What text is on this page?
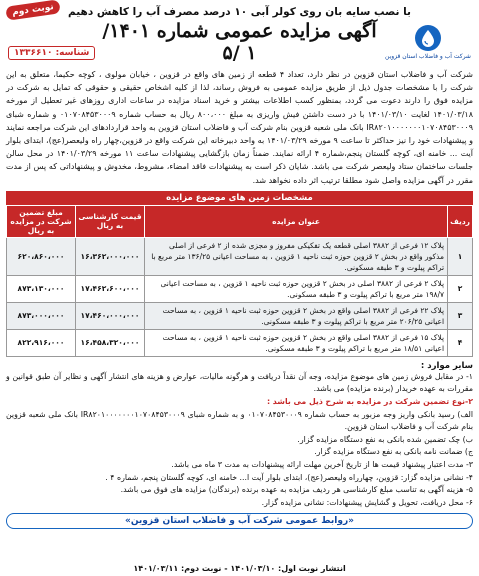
نوبت دوم	با نصب سایه بان روی کولر آبی ۱۰ درصد مصرف آب را کاهش دهیم
شرکت آب و فاضلاب استان قزوین
آگهی مزایده عمومی شماره ۱۴۰۱/ ۱ /۵
شناسه: ۱۳۳۶۶۱۰
شرکت آب و فاضلاب استان قزوین در نظر دارد، تعداد ۴ قطعه از زمین های واقع در قزوین ، خیابان مولوی ، کوچه حکیما، متعلق به این شرکت را با مشخصات جدول ذیل از طریق مزایده عمومی به فروش رساند، لذا از کلیه اشخاص حقیقی و حقوقی که تمایل به شرکت در مزایده فوق را دارند دعوت می گردد، بمنظور کسب اطلاعات بیشتر و خرید اسناد مزایده در ساعات اداری روزهای غیر تعطیل از مورخه ۱۴۰۱/۰۳/۱۸ لغایت ۱۴۰۱/۰۳/۱۰ با در دست داشتن فیش واریزی به مبلغ ۸۰۰،۰۰۰ ریال به حساب شماره ۰۱۰۷۰۸۴۵۳۰۰۰۹ و شماره شبای IR۸۲۰۱۰۰۰۰۰۰۰۱۰۷۰۸۴۵۳۰۰۰۹ بانک ملی شعبه قزوین بنام شرکت آب و فاضلاب استان قزوین به واحد قراردادهای این شرکت مراجعه نمایند و پیشنهادات خود را نیز حداکثر تا ساعت ۹ مورخه ۱۴۰۱/۰۳/۲۹ به واحد دبیرخانه این شرکت واقع در قزوین،چهار راه ولیعصر(عج)، ابتدای بلوار آیت ... خامنه ای، کوچه گلستان پنجم،شماره ۴ ارائه نمایند. ضمناً زمان بازگشایی پیشنهادات ساعت ۱۱ مورخه ۱۴۰۱/۰۳/۲۹ در محل سالن جلسات ساختمان ستاد ولیعصر شرکت می باشد. شایان ذکر است به پیشنهادات فاقد امضاء، مشروط، مخدوش و پیشنهاداتی که پس از مدت مقرر در آگهی مزایده واصل شود مطلقا ترتیب اثر داده نخواهد شد.
مشخصات زمین های موضوع مزایده
ردیف	عنوان مزایده	قیمت کارشناسی به ریال	مبلغ تضمین شرکت در مزایده به ریال
۱	پلاک ۱۲ فرعی از ۳۸۸۲ اصلی قطعه یک تفکیکی مفروز و مجزی شده از ۲ فرعی از اصلی مذکور واقع در بخش ۲ قزوین حوزه ثبت ناحیه ۱ قزوین ، به مساحت اعیانی ۱۳۶/۲۵ متر مربع با تراکم پیلوت و ۳ طبقه مسکونی.	۱۶،۳۶۲،۰۰۰،۰۰۰	۶۲۰،۸۶۰،۰۰۰
۲	پلاک ۲ فرعی از ۳۸۸۲ اصلی در بخش ۲ قزوین حوزه ثبت ناحیه ۱ قزوین ، به مساحت اعیانی ۱۹۸/۷ متر مربع با تراکم پیلوت و ۳ طبقه مسکونی.	۱۷،۴۶۲،۶۰۰،۰۰۰	۸۷۳،۱۳۰،۰۰۰
۳	پلاک ۲۲ فرعی از ۳۸۸۲ اصلی واقع در بخش ۲ قزوین حوزه ثبت ناحیه ۱ قزوین ، به مساحت اعیانی ۲۰۶/۲۵ متر مربع با تراکم پیلوت و ۳ طبقه مسکونی.	۱۷،۴۶۰،۰۰۰،۰۰۰	۸۷۳،۰۰۰،۰۰۰
۴	پلاک ۱۵ فرعی از ۳۸۸۲ اصلی واقع در بخش ۲ قزوین حوزه ثبت ناحیه ۱ قزوین ، به مساحت اعیانی ۱۸/۵۱ متر مربع با تراکم پیلوت و ۳ طبقه مسکونی.	۱۶،۴۵۸،۳۲۰،۰۰۰	۸۲۲،۹۱۶،۰۰۰
سایر موارد :
۱- در مقابل فروش زمین های موضوع مزایده، وجه آن نقداً دریافت و هرگونه مالیات، عوارض و هزینه های انتشار آگهی و نظایر آن طبق قوانین و مقررات به عهده خریدار (برنده مزایده) می باشد.
۲-نوع تضمین شرکت در مزایده به شرح ذیل می باشد :
الف) رسید بانکی واریز وجه مزبور به حساب شماره ۰۱۰۷۰۸۴۵۳۰۰۰۹ و به شماره شبای IR۸۲۰۱۰۰۰۰۰۰۰۱۰۷۰۸۴۵۳۰۰۰۹ بانک ملی شعبه قزوین بنام شرکت آب و فاضلاب استان قزوین.
ب) چک تضمین شده بانکی به نفع دستگاه مزایده گزار.
ج) ضمانت نامه بانکی به نفع دستگاه مزایده گزار.
۳- مدت اعتبار پیشنهاد قیمت ها از تاریخ آخرین مهلت ارائه پیشنهادات به مدت ۳ ماه می باشد.
۴- نشانی مزایده گزار: قزوین، چهارراه ولیعصر(عج)، ابتدای بلوار آیت ا... خامنه ای، کوچه گلستان پنجم، شماره ۴ .
۵- هزینه آگهی به تناسب مبلغ کارشناسی هر ردیف مزایده به عهده برنده (برندگان) مزایده های فوق می باشد.
۶- محل دریافت، تحویل و گشایش پیشنهادات: نشانی مزایده گزار.
«روابط عمومی شرکت آب و فاضلاب استان قزوین»
انتشار نوبت اول: ۱۴۰۱/۰۳/۱۰ - نوبت دوم: ۱۴۰۱/۰۳/۱۱
